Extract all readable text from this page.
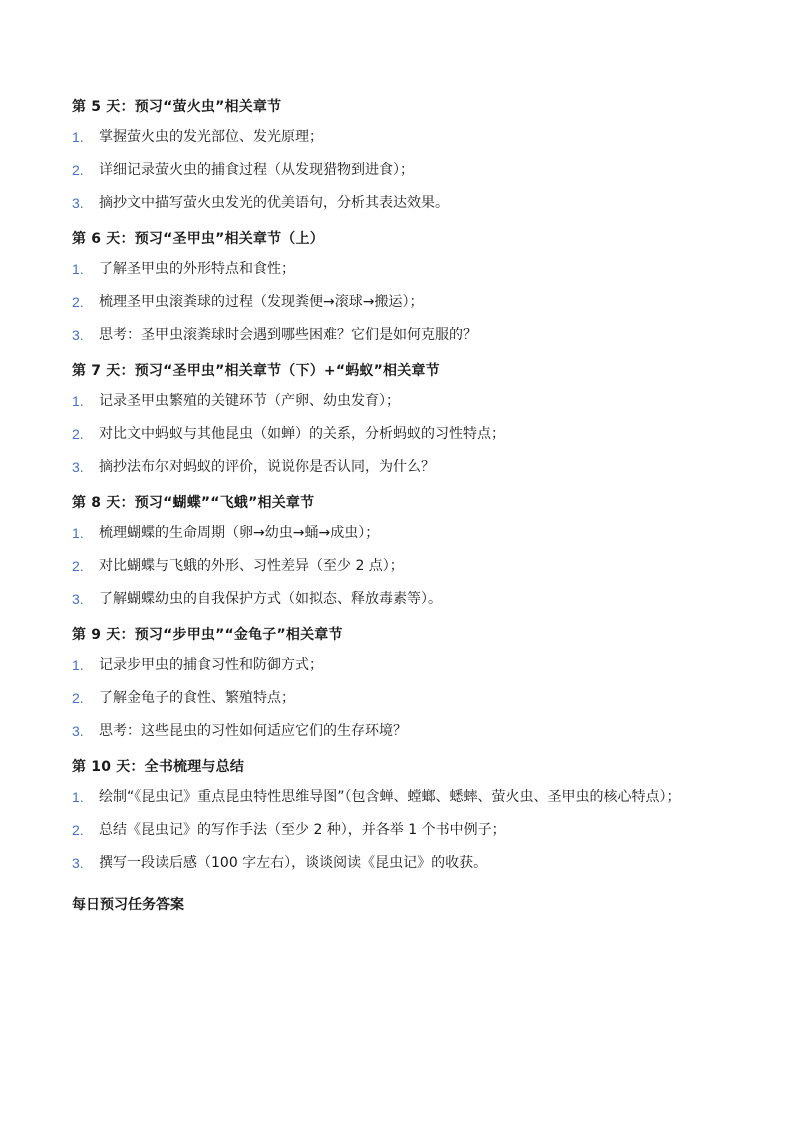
第 5 天：预习“萤火虫”相关章节
1. 掌握萤火虫的发光部位、发光原理；
2. 详细记录萤火虫的捕食过程（从发现猎物到进食）；
3. 摘抄文中描写萤火虫发光的优美语句，分析其表达效果。
第 6 天：预习“圣甲虫”相关章节（上）
1. 了解圣甲虫的外形特点和食性；
2. 梳理圣甲虫滚粪球的过程（发现粪便→滚球→搬运）；
3. 思考：圣甲虫滚粪球时会遇到哪些困难？它们是如何克服的？
第 7 天：预习“圣甲虫”相关章节（下）+“蚂蚁”相关章节
1. 记录圣甲虫繁殖的关键环节（产卵、幼虫发育）；
2. 对比文中蚂蚁与其他昆虫（如蝉）的关系，分析蚂蚁的习性特点；
3. 摘抄法布尔对蚂蚁的评价，说说你是否认同，为什么？
第 8 天：预习“蝴蝶”“飞蛾”相关章节
1. 梳理蝴蝶的生命周期（卵→幼虫→蛹→成虫）；
2. 对比蝴蝶与飞蛾的外形、习性差异（至少 2 点）；
3. 了解蝴蝶幼虫的自我保护方式（如拟态、释放毒素等）。
第 9 天：预习“步甲虫”“金龟子”相关章节
1. 记录步甲虫的捕食习性和防御方式；
2. 了解金龟子的食性、繁殖特点；
3. 思考：这些昆虫的习性如何适应它们的生存环境？
第 10 天：全书梳理与总结
1. 绘制“《昆虫记》重点昆虫特性思维导图”（包含蝉、螳螂、蟋蟀、萤火虫、圣甲虫的核心特点）；
2. 总结《昆虫记》的写作手法（至少 2 种），并各举 1 个书中例子；
3. 撰写一段读后感（100 字左右），谈谈阅读《昆虫记》的收获。
每日预习任务答案
